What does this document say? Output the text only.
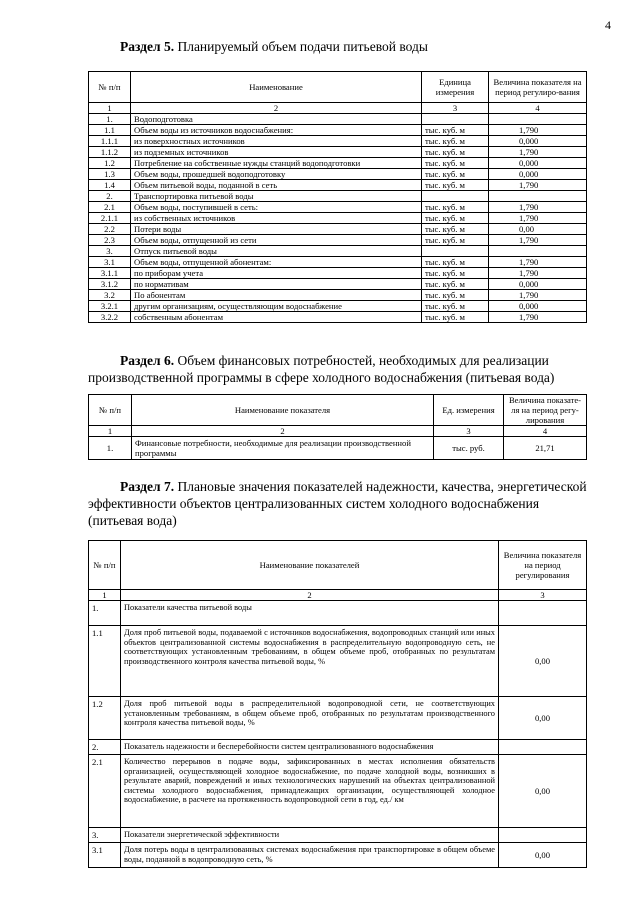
4
Раздел 5. Планируемый объем подачи питьевой воды
№ п/п	Наименование	Единица измерения	Величина показателя на период регулиро-вания
1	2	3	4
1.	Водоподготовка		
1.1	Объем воды из источников водоснабжения:	тыс. куб. м	1,790
1.1.1	из поверхностных источников	тыс. куб. м	0,000
1.1.2	из подземных источников	тыс. куб. м	1,790
1.2	Потребление на собственные нужды станций водоподготовки	тыс. куб. м	0,000
1.3	Объем воды, прошедшей водоподготовку	тыс. куб. м	0,000
1.4	Объем питьевой воды, поданной в сеть	тыс. куб. м	1,790
2.	Транспортировка питьевой воды		
2.1	Объем воды, поступившей в сеть:	тыс. куб. м	1,790
2.1.1	из собственных источников	тыс. куб. м	1,790
2.2	Потери воды	тыс. куб. м	0,00
2.3	Объем воды, отпущенной из сети	тыс. куб. м	1,790
3.	Отпуск питьевой воды		
3.1	Объем воды, отпущенной абонентам:	тыс. куб. м	1,790
3.1.1	по приборам учета	тыс. куб. м	1,790
3.1.2	по нормативам	тыс. куб. м	0,000
3.2	По абонентам	тыс. куб. м	1,790
3.2.1	другим организациям, осуществляющим водоснабжение	тыс. куб. м	0,000
3.2.2	собственным абонентам	тыс. куб. м	1,790
Раздел 6. Объем финансовых потребностей, необходимых для реализации производственной программы в сфере холодного водоснабжения (питьевая вода)
№ п/п	Наименование показателя	Ед. измерения	Величина показате-ля на период регу-лирования
1	2	3	4
1.	Финансовые потребности, необходимые для реализации производственной программы	тыс. руб.	21,71
Раздел 7. Плановые значения показателей надежности, качества, энергетической эффективности объектов централизованных систем холодного водоснабжения (питьевая вода)
№ п/п	Наименование показателей	Величина показателя на период регулирования
1	2	3
1.	Показатели качества питьевой воды	
1.1	Доля проб питьевой воды, подаваемой с источников водоснабжения, водопроводных станций или иных объектов централизованной системы водоснабжения в распределительную водопроводную сеть, не соответствующих установленным требованиям, в общем объеме проб, отобранных по результатам производственного контроля качества питьевой воды, %	0,00
1.2	Доля проб питьевой воды в распределительной водопроводной сети, не соответствующих установленным требованиям, в общем объеме проб, отобранных по результатам производственного контроля качества питьевой воды, %	0,00
2.	Показатель надежности и бесперебойности систем централизованного водоснабжения	
2.1	Количество перерывов в подаче воды, зафиксированных в местах исполнения обязательств организацией, осуществляющей холодное водоснабжение, по подаче холодной воды, возникших в результате аварий, повреждений и иных технологических нарушений на объектах централизованной системы холодного водоснабжения, принадлежащих организации, осуществляющей холодное водоснабжение, в расчете на протяженность водопроводной сети в год, ед./ км	0,00
3.	Показатели энергетической эффективности	
3.1	Доля потерь воды в централизованных системах водоснабжения при транспортировке в общем объеме воды, поданной в водопроводную сеть, %	0,00
